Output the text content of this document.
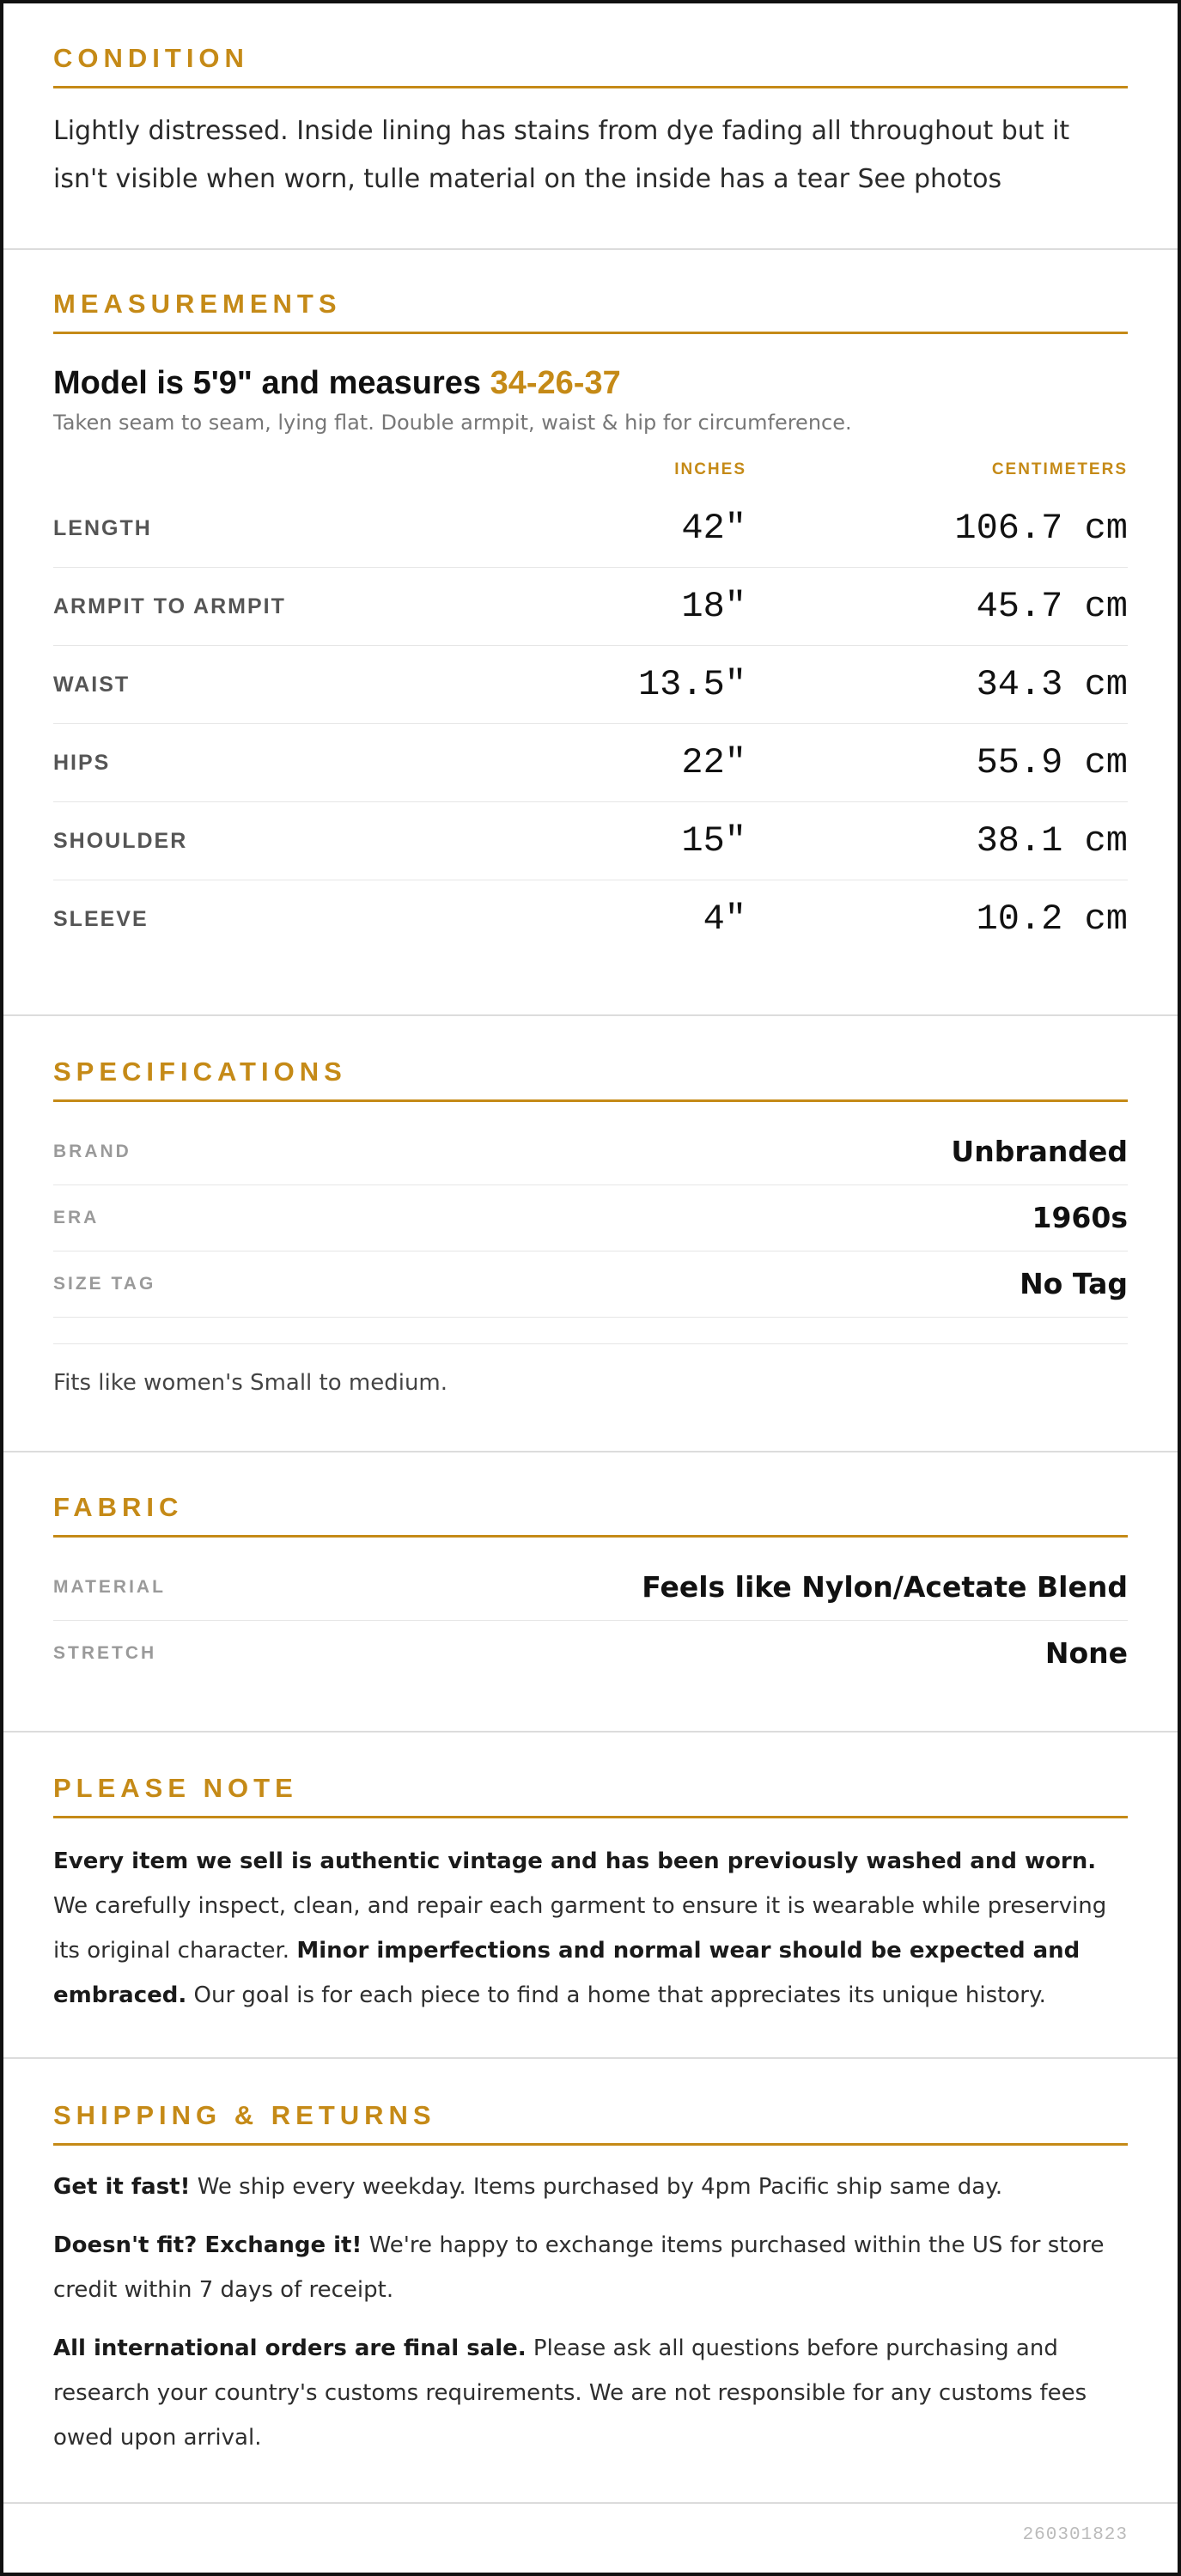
CONDITION
Lightly distressed. Inside lining has stains from dye fading all throughout but it isn't visible when worn, tulle material on the inside has a tear See photos
MEASUREMENTS
Model is 5'9" and measures 34-26-37
Taken seam to seam, lying flat. Double armpit, waist & hip for circumference.
INCHES	CENTIMETERS
LENGTH	42"	106.7 cm
ARMPIT TO ARMPIT	18"	45.7 cm
WAIST	13.5"	34.3 cm
HIPS	22"	55.9 cm
SHOULDER	15"	38.1 cm
SLEEVE	4"	10.2 cm
SPECIFICATIONS
BRAND	Unbranded
ERA	1960s
SIZE TAG	No Tag
Fits like women's Small to medium.
FABRIC
MATERIAL	Feels like Nylon/Acetate Blend
STRETCH	None
PLEASE NOTE
Every item we sell is authentic vintage and has been previously washed and worn. We carefully inspect, clean, and repair each garment to ensure it is wearable while preserving its original character. Minor imperfections and normal wear should be expected and embraced. Our goal is for each piece to find a home that appreciates its unique history.
SHIPPING & RETURNS
Get it fast! We ship every weekday. Items purchased by 4pm Pacific ship same day.
Doesn't fit? Exchange it! We're happy to exchange items purchased within the US for store credit within 7 days of receipt.
All international orders are final sale. Please ask all questions before purchasing and research your country's customs requirements. We are not responsible for any customs fees owed upon arrival.
260301823
